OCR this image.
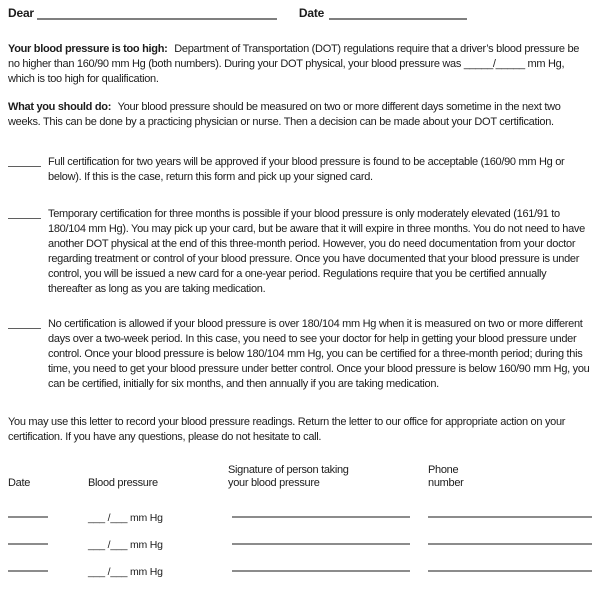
Dear	Date

Your blood pressure is too high: Department of Transportation (DOT) regulations require that a driver’s blood pressure be no higher than 160/90 mm Hg (both numbers). During your DOT physical, your blood pressure was _____/_____ mm Hg, which is too high for qualification.

What you should do: Your blood pressure should be measured on two or more different days sometime in the next two weeks. This can be done by a practicing physician or nurse. Then a decision can be made about your DOT certification.

Full certification for two years will be approved if your blood pressure is found to be acceptable (160/90 mm Hg or below). If this is the case, return this form and pick up your signed card.
Temporary certification for three months is possible if your blood pressure is only moderately elevated (161/91 to 180/104 mm Hg). You may pick up your card, but be aware that it will expire in three months. You do not need to have another DOT physical at the end of this three-month period. However, you do need documentation from your doctor regarding treatment or control of your blood pressure. Once you have documented that your blood pressure is under control, you will be issued a new card for a one-year period. Regulations require that you be certified annually thereafter as long as you are taking medication.
No certification is allowed if your blood pressure is over 180/104 mm Hg when it is measured on two or more different days over a two-week period. In this case, you need to see your doctor for help in getting your blood pressure under control. Once your blood pressure is below 180/104 mm Hg, you can be certified for a three-month period; during this time, you need to get your blood pressure under better control. Once your blood pressure is below 160/90 mm Hg, you can be certified, initially for six months, and then annually if you are taking medication.

You may use this letter to record your blood pressure readings. Return the letter to our office for appropriate action on your certification. If you have any questions, please do not hesitate to call.

Date	Blood pressure
Signature of person taking
your blood pressure
Phone
number
___ /___ mm Hg
___ /___ mm Hg
___ /___ mm Hg
